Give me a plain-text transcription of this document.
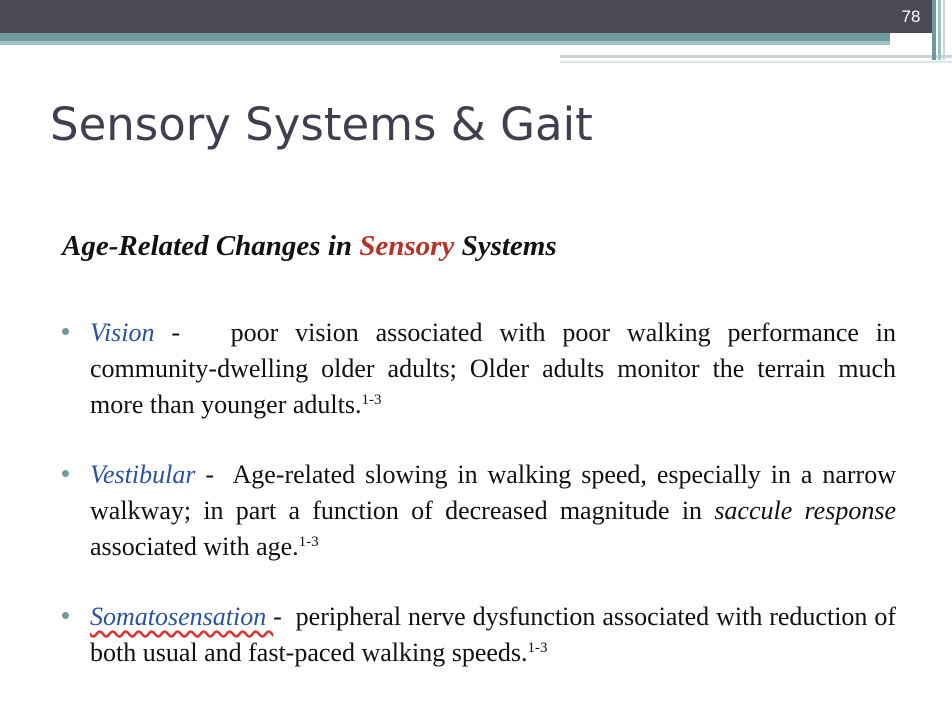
78
Sensory Systems & Gait

Age-Related Changes in Sensory Systems

Vision -   poor vision associated with poor walking performance in community-dwelling older adults; Older adults monitor the terrain much more than younger adults.$^{1-3}$
Vestibular -  Age-related slowing in walking speed, especially in a narrow walkway; in part a function of decreased magnitude in saccule response associated with age.$^{1-3}$
Somatosensation -  peripheral nerve dysfunction associated with reduction of both usual and fast-paced walking speeds.$^{1-3}$
